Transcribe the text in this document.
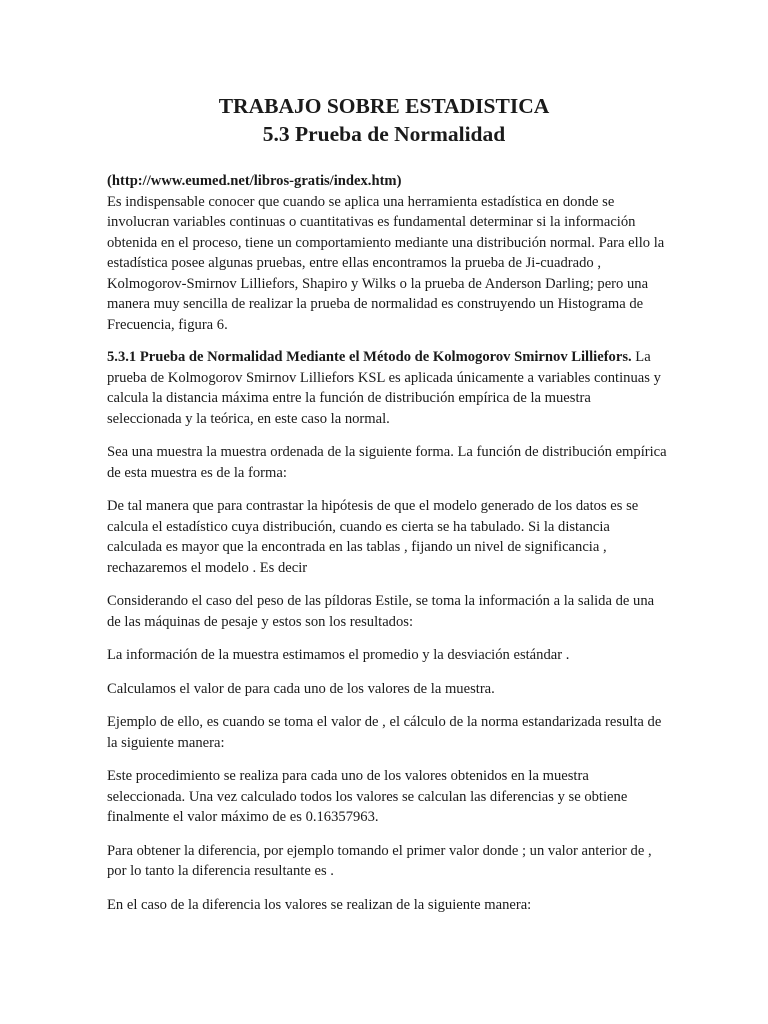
TRABAJO SOBRE ESTADISTICA
5.3 Prueba de Normalidad

(http://www.eumed.net/libros-gratis/index.htm)
Es indispensable conocer que cuando se aplica una herramienta estadística en donde se involucran variables continuas o cuantitativas es fundamental determinar si la información obtenida en el proceso, tiene un comportamiento mediante una distribución normal. Para ello la estadística posee algunas pruebas, entre ellas encontramos la prueba de Ji-cuadrado , Kolmogorov-Smirnov Lilliefors, Shapiro y Wilks o la prueba de Anderson Darling; pero una manera muy sencilla de realizar la prueba de normalidad es construyendo un Histograma de Frecuencia, figura 6.

5.3.1 Prueba de Normalidad Mediante el Método de Kolmogorov Smirnov Lilliefors. La prueba de Kolmogorov Smirnov Lilliefors KSL es aplicada únicamente a variables continuas y calcula la distancia máxima entre la función de distribución empírica de la muestra seleccionada y la teórica, en este caso la normal.

Sea una muestra la muestra ordenada de la siguiente forma. La función de distribución empírica de esta muestra es de la forma:

De tal manera que para contrastar la hipótesis de que el modelo generado de los datos es se calcula el estadístico cuya distribución, cuando es cierta se ha tabulado. Si la distancia calculada es mayor que la encontrada en las tablas , fijando un nivel de significancia , rechazaremos el modelo . Es decir

Considerando el caso del peso de las píldoras Estile, se toma la información a la salida de una de las máquinas de pesaje y estos son los resultados:

La información de la muestra estimamos el promedio y la desviación estándar .

Calculamos el valor de para cada uno de los valores de la muestra.

Ejemplo de ello, es cuando se toma el valor de , el cálculo de la norma estandarizada resulta de la siguiente manera:

Este procedimiento se realiza para cada uno de los valores obtenidos en la muestra seleccionada. Una vez calculado todos los valores se calculan las diferencias y se obtiene finalmente el valor máximo de es 0.16357963.

Para obtener la diferencia, por ejemplo tomando el primer valor donde ; un valor anterior de , por lo tanto la diferencia resultante es .

En el caso de la diferencia los valores se realizan de la siguiente manera:
